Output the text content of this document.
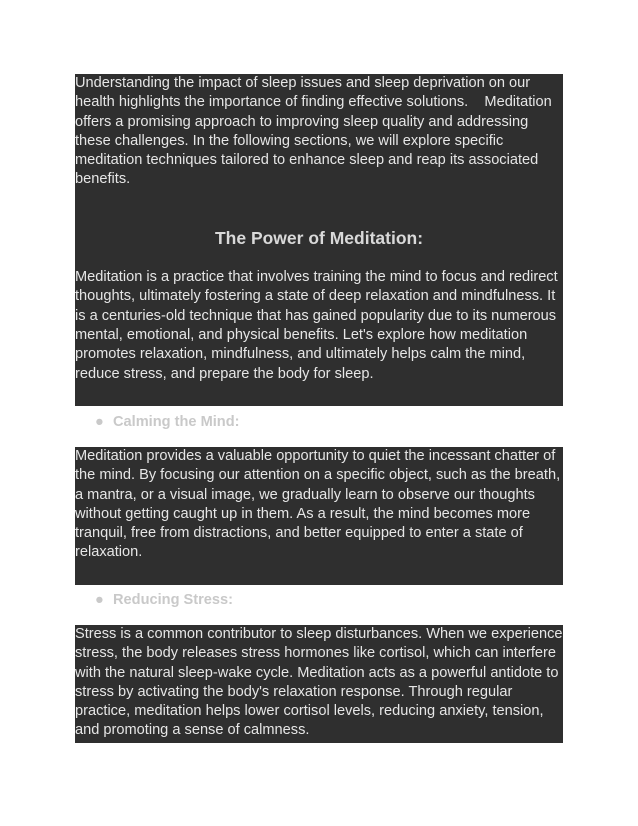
Understanding the impact of sleep issues and sleep deprivation on our health highlights the importance of finding effective solutions.    Meditation offers a promising approach to improving sleep quality and addressing these challenges. In the following sections, we will explore specific meditation techniques tailored to enhance sleep and reap its associated benefits.

The Power of Meditation:

Meditation is a practice that involves training the mind to focus and redirect thoughts, ultimately fostering a state of deep relaxation and mindfulness. It is a centuries-old technique that has gained popularity due to its numerous mental, emotional, and physical benefits. Let's explore how meditation promotes relaxation, mindfulness, and ultimately helps calm the mind, reduce stress, and prepare the body for sleep.

● Calming the Mind:

Meditation provides a valuable opportunity to quiet the incessant chatter of the mind. By focusing our attention on a specific object, such as the breath, a mantra, or a visual image, we gradually learn to observe our thoughts without getting caught up in them. As a result, the mind becomes more tranquil, free from distractions, and better equipped to enter a state of relaxation.

● Reducing Stress:

Stress is a common contributor to sleep disturbances. When we experience stress, the body releases stress hormones like cortisol, which can interfere with the natural sleep-wake cycle. Meditation acts as a powerful antidote to stress by activating the body's relaxation response. Through regular practice, meditation helps lower cortisol levels, reducing anxiety, tension, and promoting a sense of calmness.
